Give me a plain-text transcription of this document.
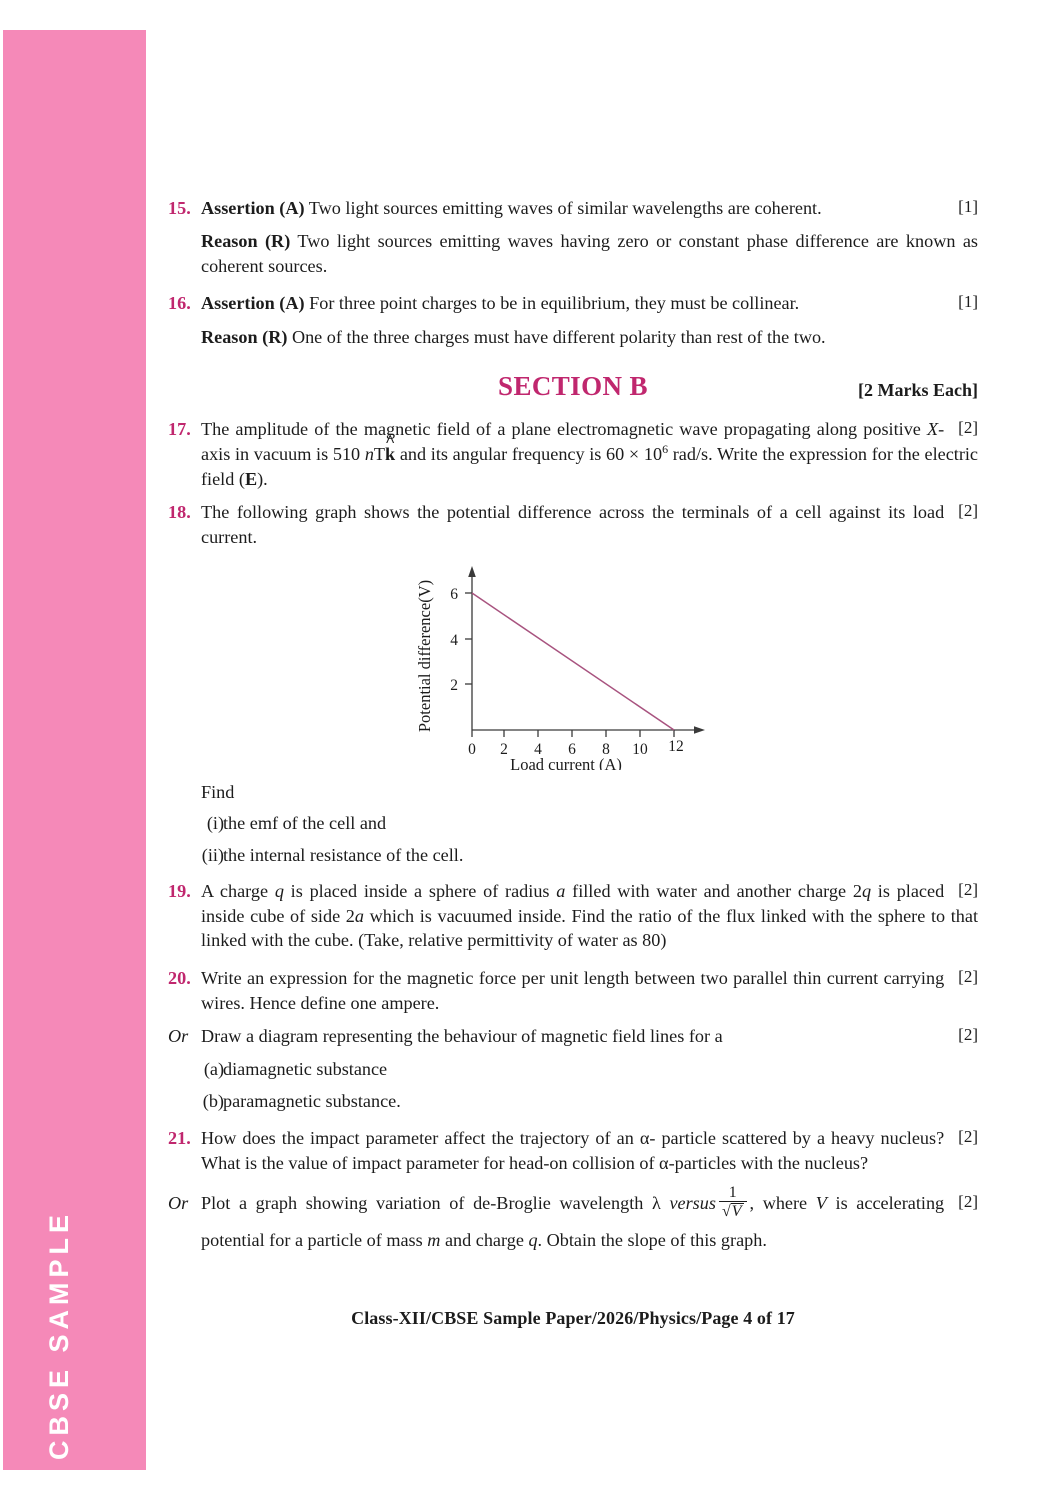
CBSE SAMPLE
15.	[1]
Assertion (A) Two light sources emitting waves of similar wavelengths are coherent.
Reason (R) Two light sources emitting waves having zero or constant phase difference are known as coherent sources.
16.	[1]
Assertion (A) For three point charges to be in equilibrium, they must be collinear.
Reason (R) One of the three charges must have different polarity than rest of the two.
SECTION B	[2 Marks Each]
17.	[2]
The amplitude of the magnetic field of a plane electromagnetic wave propagating along positive X-axis in vacuum is 510 nTk ^ and its angular frequency is $60 \times 10^6$ rad/s. Write the expression for the electric field (E).
18.	[2]
The following graph shows the potential difference across the terminals of a cell against its load current.
6
4
2
0 2 4 6 8 10 12
Load current (A)
Potential difference(V)
Find
(i) the emf of the cell and
(ii) the internal resistance of the cell.
19.	[2]
A charge q is placed inside a sphere of radius a filled with water and another charge 2q is placed inside cube of side 2a which is vacuumed inside. Find the ratio of the flux linked with the sphere to that linked with the cube. (Take, relative permittivity of water as 80)
20.	[2]
Write an expression for the magnetic force per unit length between two parallel thin current carrying wires. Hence define one ampere.
Or	[2]
Draw a diagram representing the behaviour of magnetic field lines for a
(a) diamagnetic substance
(b) paramagnetic substance.
21.	[2]
How does the impact parameter affect the trajectory of an α- particle scattered by a heavy nucleus? What is the value of impact parameter for head-on collision of α-particles with the nucleus?
Or	[2]
Plot a graph showing variation of de-Broglie wavelength λ versus $\frac{1}{√V}$ , where V is accelerating potential for a particle of mass m and charge q. Obtain the slope of this graph.
Class-XII/CBSE Sample Paper/2026/Physics/Page 4 of 17
